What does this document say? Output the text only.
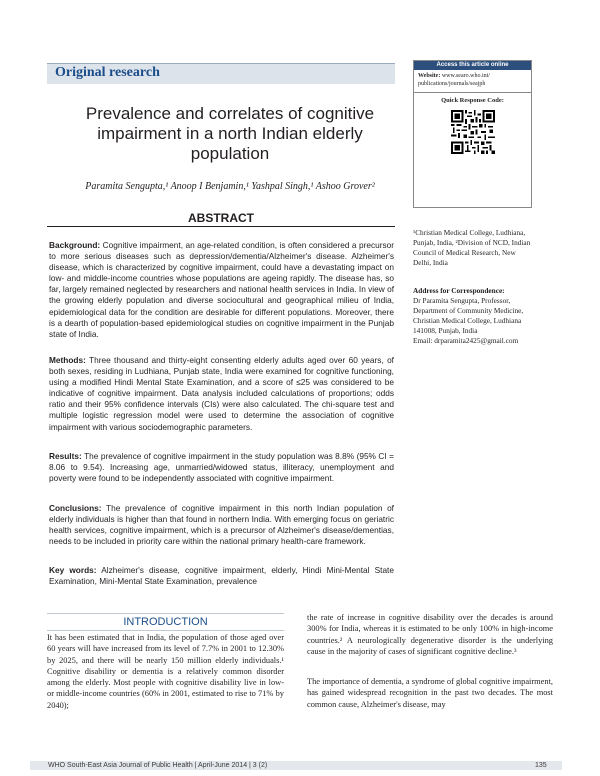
Original research	Access this article online
Website: www.searo.who.int/
publications/journals/seajph
Quick Response Code:
Prevalence and correlates of cognitive impairment in a north Indian elderly population
Paramita Sengupta,¹ Anoop I Benjamin,¹ Yashpal Singh,¹ Ashoo Grover²
ABSTRACT
Background: Cognitive impairment, an age-related condition, is often considered a precursor to more serious diseases such as depression/dementia/Alzheimer's disease. Alzheimer's disease, which is characterized by cognitive impairment, could have a devastating impact on low- and middle-income countries whose populations are ageing rapidly. The disease has, so far, largely remained neglected by researchers and national health services in India. In view of the growing elderly population and diverse sociocultural and geographical milieu of India, epidemiological data for the condition are desirable for different populations. Moreover, there is a dearth of population-based epidemiological studies on cognitive impairment in the Punjab state of India.
Methods: Three thousand and thirty-eight consenting elderly adults aged over 60 years, of both sexes, residing in Ludhiana, Punjab state, India were examined for cognitive functioning, using a modified Hindi Mental State Examination, and a score of ≤25 was considered to be indicative of cognitive impairment. Data analysis included calculations of proportions; odds ratio and their 95% confidence intervals (CIs) were also calculated. The chi-square test and multiple logistic regression model were used to determine the association of cognitive impairment with various sociodemographic parameters.
Results: The prevalence of cognitive impairment in the study population was 8.8% (95% CI = 8.06 to 9.54). Increasing age, unmarried/widowed status, illiteracy, unemployment and poverty were found to be independently associated with cognitive impairment.
Conclusions: The prevalence of cognitive impairment in this north Indian population of elderly individuals is higher than that found in northern India. With emerging focus on geriatric health services, cognitive impairment, which is a precursor of Alzheimer's disease/dementias, needs to be included in priority care within the national primary health-care framework.
Key words: Alzheimer's disease, cognitive impairment, elderly, Hindi Mini-Mental State Examination, Mini-Mental State Examination, prevalence
¹Christian Medical College, Ludhiana, Punjab, India, ²Division of NCD, Indian Council of Medical Research, New Delhi, India
Address for Correspondence:
Dr Paramita Sengupta, Professor, Department of Community Medicine, Christian Medical College, Ludhiana 141008, Punjab, India
Email: drparamita2425@gmail.com
INTRODUCTION
It has been estimated that in India, the population of those aged over 60 years will have increased from its level of 7.7% in 2001 to 12.30% by 2025, and there will be nearly 150 million elderly individuals.¹ Cognitive disability or dementia is a relatively common disorder among the elderly. Most people with cognitive disability live in low- or middle-income countries (60% in 2001, estimated to rise to 71% by 2040);
the rate of increase in cognitive disability over the decades is around 300% for India, whereas it is estimated to be only 100% in high-income countries.² A neurologically degenerative disorder is the underlying cause in the majority of cases of significant cognitive decline.³
The importance of dementia, a syndrome of global cognitive impairment, has gained widespread recognition in the past two decades. The most common cause, Alzheimer's disease, may
WHO South-East Asia Journal of Public Health | April-June 2014 | 3 (2)	135
